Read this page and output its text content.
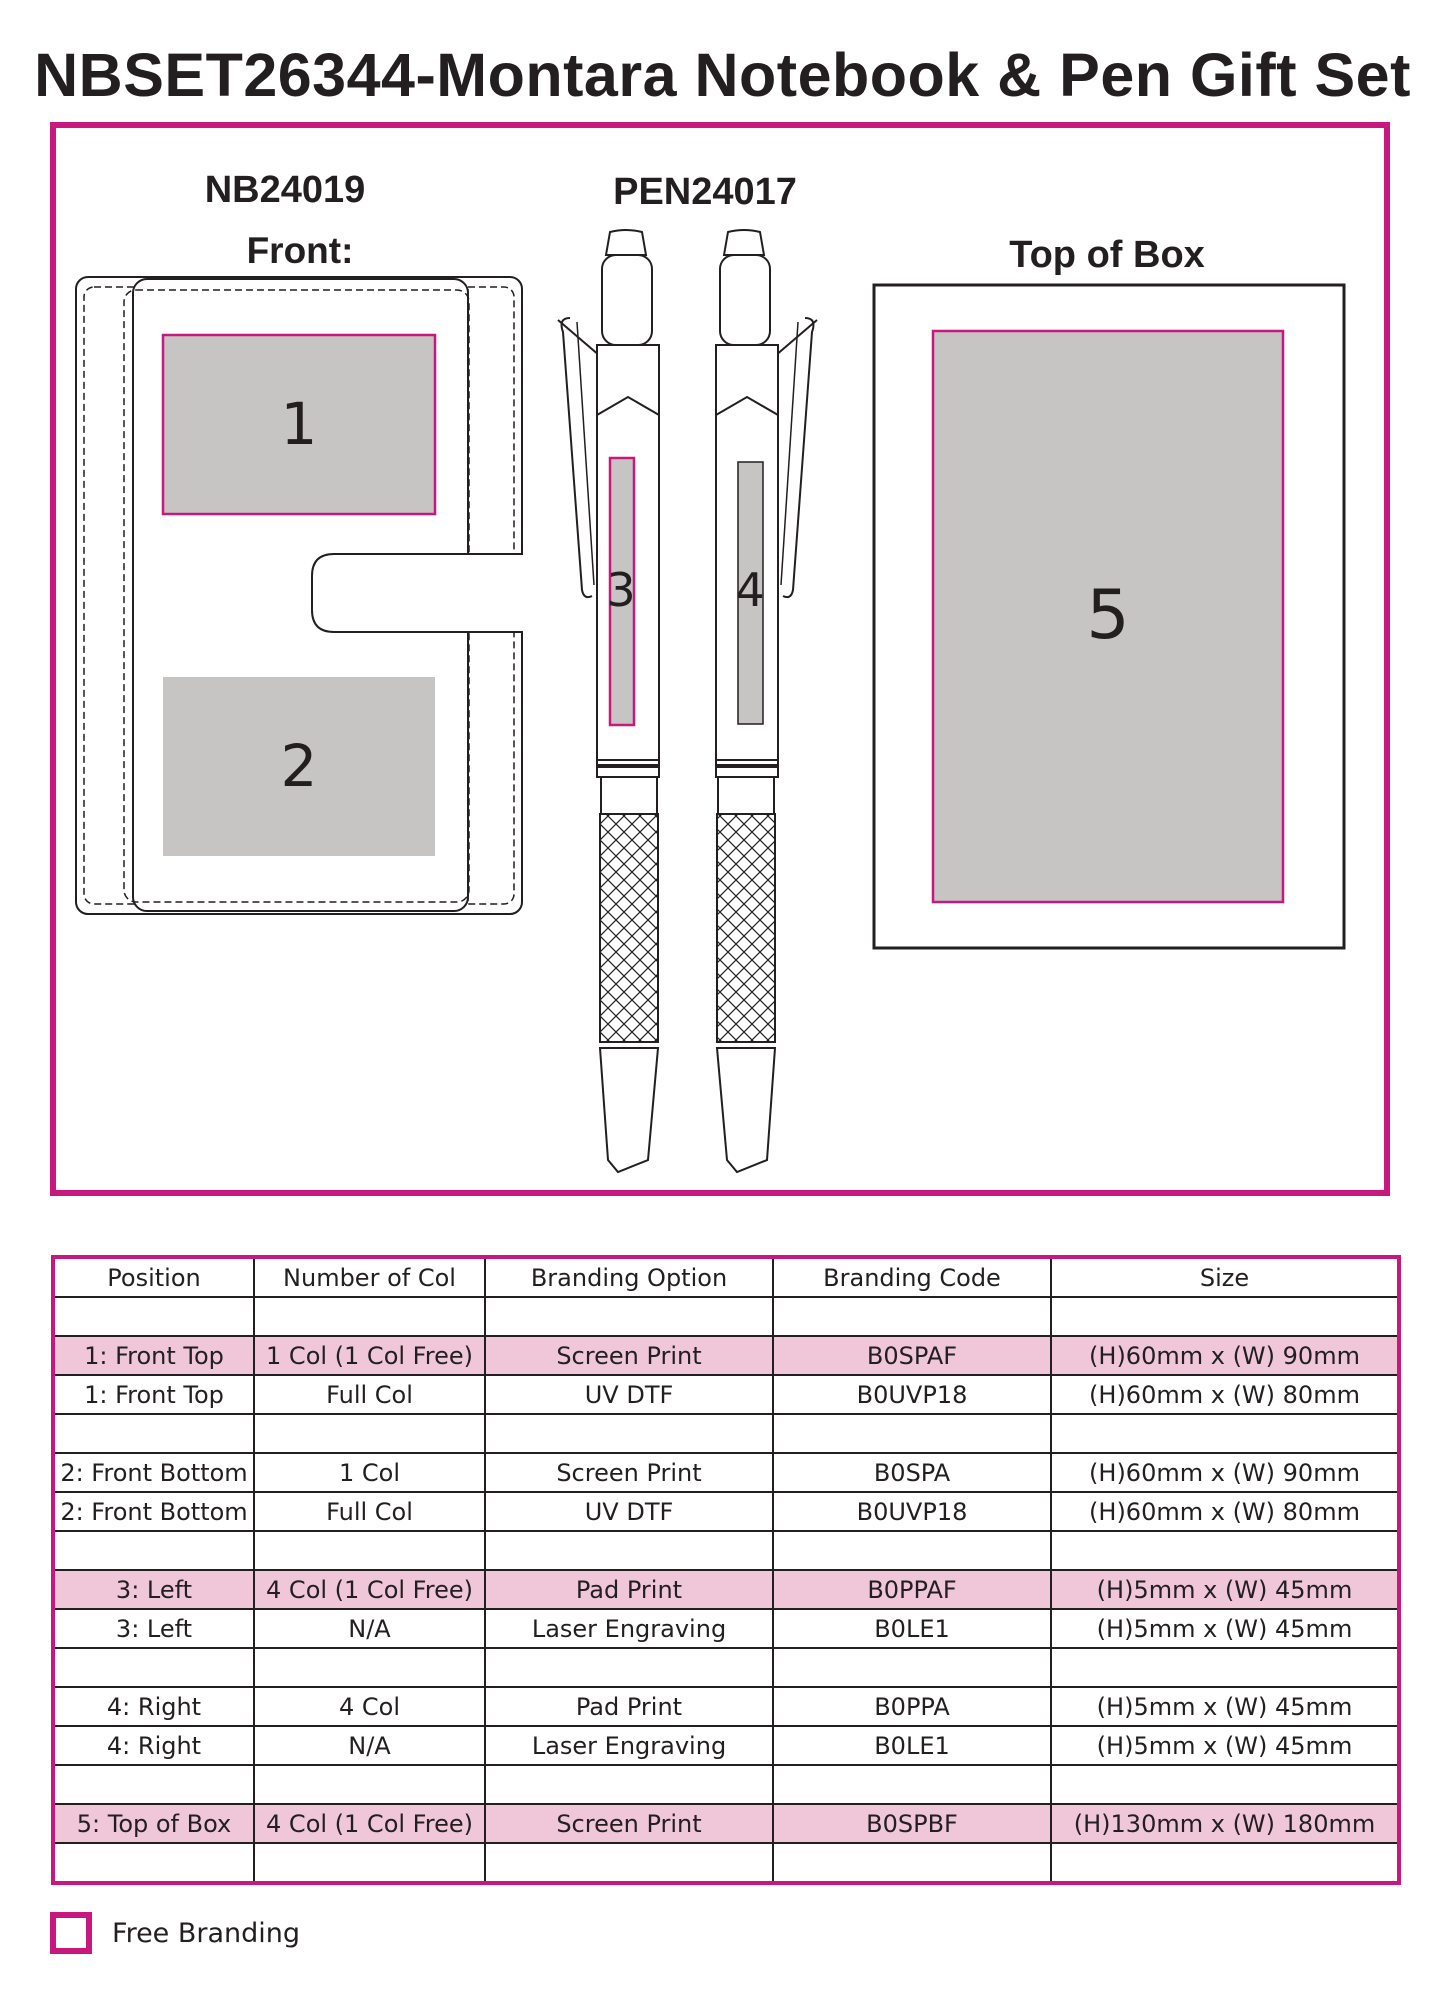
NBSET26344-Montara Notebook & Pen Gift Set
NB24019
Front:
PEN24017
Top of Box
1
2
3 4	5
Position	Number of Col	Branding Option	Branding Code	Size

1: Front Top	1 Col (1 Col Free)	Screen Print	B0SPAF	(H)60mm x (W) 90mm
1: Front Top	Full Col	UV DTF	B0UVP18	(H)60mm x (W) 80mm

2: Front Bottom	1 Col	Screen Print	B0SPA	(H)60mm x (W) 90mm
2: Front Bottom	Full Col	UV DTF	B0UVP18	(H)60mm x (W) 80mm

3: Left	4 Col (1 Col Free)	Pad Print	B0PPAF	(H)5mm x (W) 45mm
3: Left	N/A	Laser Engraving	B0LE1	(H)5mm x (W) 45mm

4: Right	4 Col	Pad Print	B0PPA	(H)5mm x (W) 45mm
4: Right	N/A	Laser Engraving	B0LE1	(H)5mm x (W) 45mm

5: Top of Box	4 Col (1 Col Free)	Screen Print	B0SPBF	(H)130mm x (W) 180mm

Free Branding
